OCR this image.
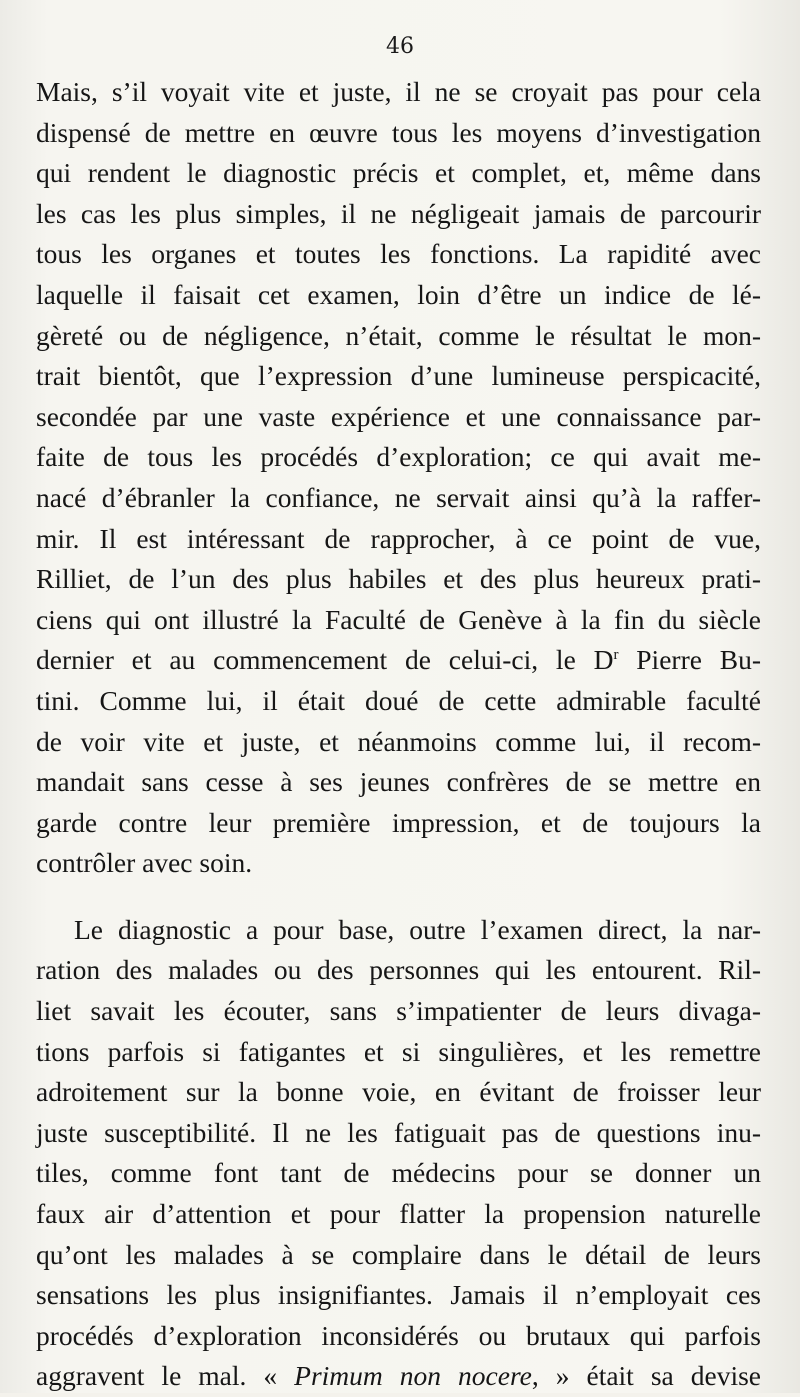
46
Mais, s’il voyait vite et juste, il ne se croyait pas pour cela
dispensé de mettre en œuvre tous les moyens d’investigation
qui rendent le diagnostic précis et complet, et, même dans
les cas les plus simples, il ne négligeait jamais de parcourir
tous les organes et toutes les fonctions. La rapidité avec
laquelle il faisait cet examen, loin d’être un indice de lé-
gèreté ou de négligence, n’était, comme le résultat le mon-
trait bientôt, que l’expression d’une lumineuse perspicacité,
secondée par une vaste expérience et une connaissance par-
faite de tous les procédés d’exploration; ce qui avait me-
nacé d’ébranler la confiance, ne servait ainsi qu’à la raffer-
mir. Il est intéressant de rapprocher, à ce point de vue,
Rilliet, de l’un des plus habiles et des plus heureux prati-
ciens qui ont illustré la Faculté de Genève à la fin du siècle
dernier et au commencement de celui-ci, le $D^r$ Pierre Bu-
tini. Comme lui, il était doué de cette admirable faculté
de voir vite et juste, et néanmoins comme lui, il recom-
mandait sans cesse à ses jeunes confrères de se mettre en
garde contre leur première impression, et de toujours la
contrôler avec soin.
Le diagnostic a pour base, outre l’examen direct, la nar-
ration des malades ou des personnes qui les entourent. Ril-
liet savait les écouter, sans s’impatienter de leurs divaga-
tions parfois si fatigantes et si singulières, et les remettre
adroitement sur la bonne voie, en évitant de froisser leur
juste susceptibilité. Il ne les fatiguait pas de questions inu-
tiles, comme font tant de médecins pour se donner un
faux air d’attention et pour flatter la propension naturelle
qu’ont les malades à se complaire dans le détail de leurs
sensations les plus insignifiantes. Jamais il n’employait ces
procédés d’exploration inconsidérés ou brutaux qui parfois
aggravent le mal. « Primum non nocere, » était sa devise
